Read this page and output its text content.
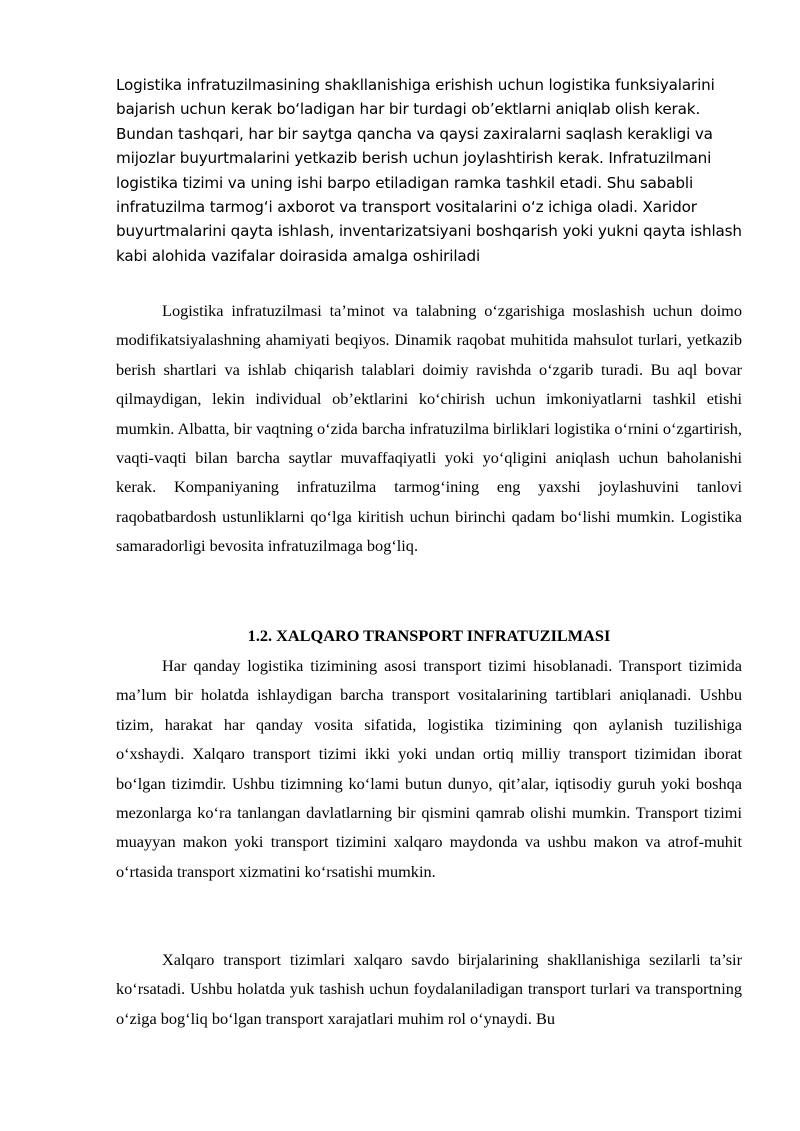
Logistika infratuzilmasining shakllanishiga erishish uchun logistika funksiyalarini bajarish uchun kerak bo‘ladigan har bir turdagi ob’ektlarni aniqlab olish kerak. Bundan tashqari, har bir saytga qancha va qaysi zaxiralarni saqlash kerakligi va mijozlar buyurtmalarini yetkazib berish uchun joylashtirish kerak. Infratuzilmani logistika tizimi va uning ishi barpo etiladigan ramka tashkil etadi. Shu sababli infratuzilma tarmog‘i axborot va transport vositalarini o‘z ichiga oladi. Xaridor buyurtmalarini qayta ishlash, inventarizatsiyani boshqarish yoki yukni qayta ishlash kabi alohida vazifalar doirasida amalga oshiriladi

Logistika infratuzilmasi ta’minot va talabning o‘zgarishiga moslashish uchun doimo modifikatsiyalashning ahamiyati beqiyos. Dinamik raqobat muhitida mahsulot turlari, yetkazib berish shartlari va ishlab chiqarish talablari doimiy ravishda o‘zgarib turadi. Bu aql bovar qilmaydigan, lekin individual ob’ektlarini ko‘chirish uchun imkoniyatlarni tashkil etishi mumkin. Albatta, bir vaqtning o‘zida barcha infratuzilma birliklari logistika o‘rnini o‘zgartirish, vaqti-vaqti bilan barcha saytlar muvaffaqiyatli yoki yo‘qligini aniqlash uchun baholanishi kerak. Kompaniyaning infratuzilma tarmog‘ining eng yaxshi joylashuvini tanlovi raqobatbardosh ustunliklarni qo‘lga kiritish uchun birinchi qadam bo‘lishi mumkin. Logistika samaradorligi bevosita infratuzilmaga bog‘liq.

1.2. XALQARO TRANSPORT INFRATUZILMASI

Har qanday logistika tizimining asosi transport tizimi hisoblanadi. Transport tizimida ma’lum bir holatda ishlaydigan barcha transport vositalarining tartiblari aniqlanadi. Ushbu tizim, harakat har qanday vosita sifatida, logistika tizimining qon aylanish tuzilishiga o‘xshaydi. Xalqaro transport tizimi ikki yoki undan ortiq milliy transport tizimidan iborat bo‘lgan tizimdir. Ushbu tizimning ko‘lami butun dunyo, qit’alar, iqtisodiy guruh yoki boshqa mezonlarga ko‘ra tanlangan davlatlarning bir qismini qamrab olishi mumkin. Transport tizimi muayyan makon yoki transport tizimini xalqaro maydonda va ushbu makon va atrof-muhit o‘rtasida transport xizmatini ko‘rsatishi mumkin.

Xalqaro transport tizimlari xalqaro savdo birjalarining shakllanishiga sezilarli ta’sir ko‘rsatadi. Ushbu holatda yuk tashish uchun foydalaniladigan transport turlari va transportning o‘ziga bog‘liq bo‘lgan transport xarajatlari muhim rol o‘ynaydi. Bu
